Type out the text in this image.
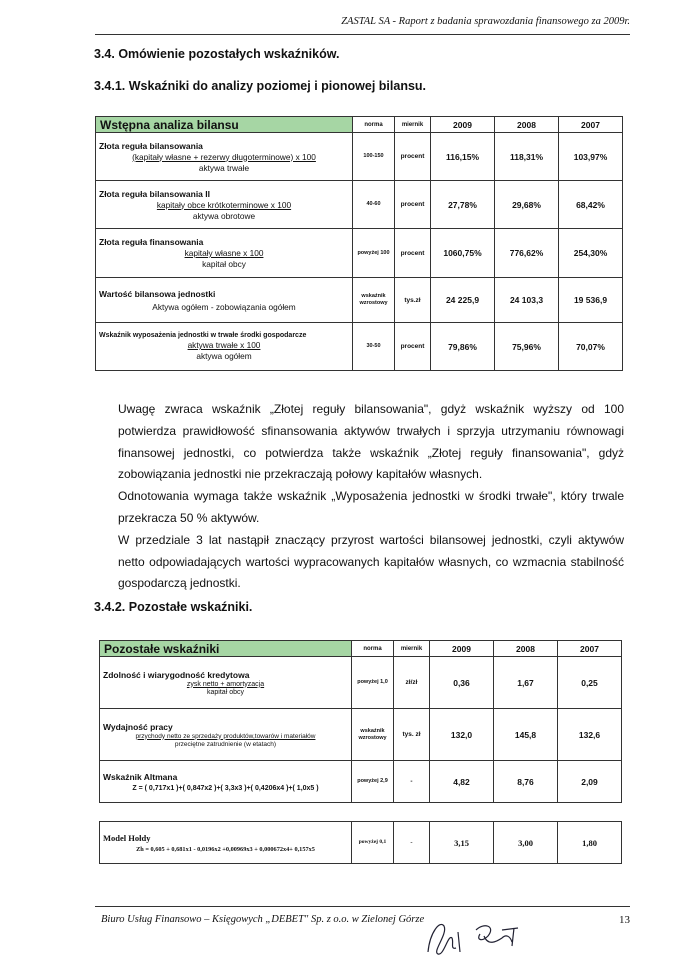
ZASTAL SA - Raport z badania sprawozdania finansowego za 2009r.
3.4. Omówienie pozostałych wskaźników.
3.4.1. Wskaźniki do analizy poziomej i pionowej bilansu.
Wstępna analiza bilansu	norma	miernik	2009	2008	2007

Złota reguła bilansowania
(kapitały własne + rezerwy długoterminowe) x 100
aktywa trwałe	100-150	procent	116,15%	118,31%	103,97%

Złota reguła bilansowania II
kapitały obce krótkoterminowe x 100
aktywa obrotowe	40-60	procent	27,78%	29,68%	68,42%

Złota reguła finansowania
kapitały własne x 100
kapitał obcy	powyżej 100	procent	1060,75%	776,62%	254,30%

Wartość bilansowa jednostki
Aktywa ogółem - zobowiązania ogółem	wskaźnik wzrostowy	tys.zł	24 225,9	24 103,3	19 536,9

Wskaźnik wyposażenia jednostki w trwałe środki gospodarcze
aktywa trwałe x 100
aktywa ogółem	30-50	procent	79,86%	75,96%	70,07%

Uwagę zwraca wskaźnik „Złotej reguły bilansowania", gdyż wskaźnik wyższy od 100 potwierdza prawidłowość sfinansowania aktywów trwałych i sprzyja utrzymaniu równowagi finansowej jednostki, co potwierdza także wskaźnik „Złotej reguły finansowania", gdyż zobowiązania jednostki nie przekraczają połowy kapitałów własnych.

Odnotowania wymaga także wskaźnik „Wyposażenia jednostki w środki trwałe", który trwale przekracza 50 % aktywów.

W przedziale 3 lat nastąpił znaczący przyrost wartości bilansowej jednostki, czyli aktywów netto odpowiadających wartości wypracowanych kapitałów własnych, co wzmacnia stabilność gospodarczą jednostki.

3.4.2. Pozostałe wskaźniki.
Pozostałe wskaźniki	norma	miernik	2009	2008	2007

Zdolność i wiarygodność kredytowa
zysk netto + amortyzacja
kapitał obcy	powyżej 1,0	zł/zł	0,36	1,67	0,25

Wydajność pracy
przychody netto ze sprzedaży produktów,towarów i materiałów
przeciętne zatrudnienie (w etatach)	wskaźnik wzrostowy	tys. zł	132,0	145,8	132,6

Wskaźnik Altmana
Z = ( 0,717x1 )+( 0,847x2 )+( 3,3x3 )+( 0,4206x4 )+( 1,0x5 )	powyżej 2,9	-	4,82	8,76	2,09
Model Hołdy
Zh = 0,605 + 0,681x1 - 0,0196x2 +0,00969x3 + 0,000672x4+ 0,157x5
	powyżej 0,1	-	3,15	3,00	1,80
Biuro Usług Finansowo – Księgowych „DEBET" Sp. z o.o. w Zielonej Górze	13
